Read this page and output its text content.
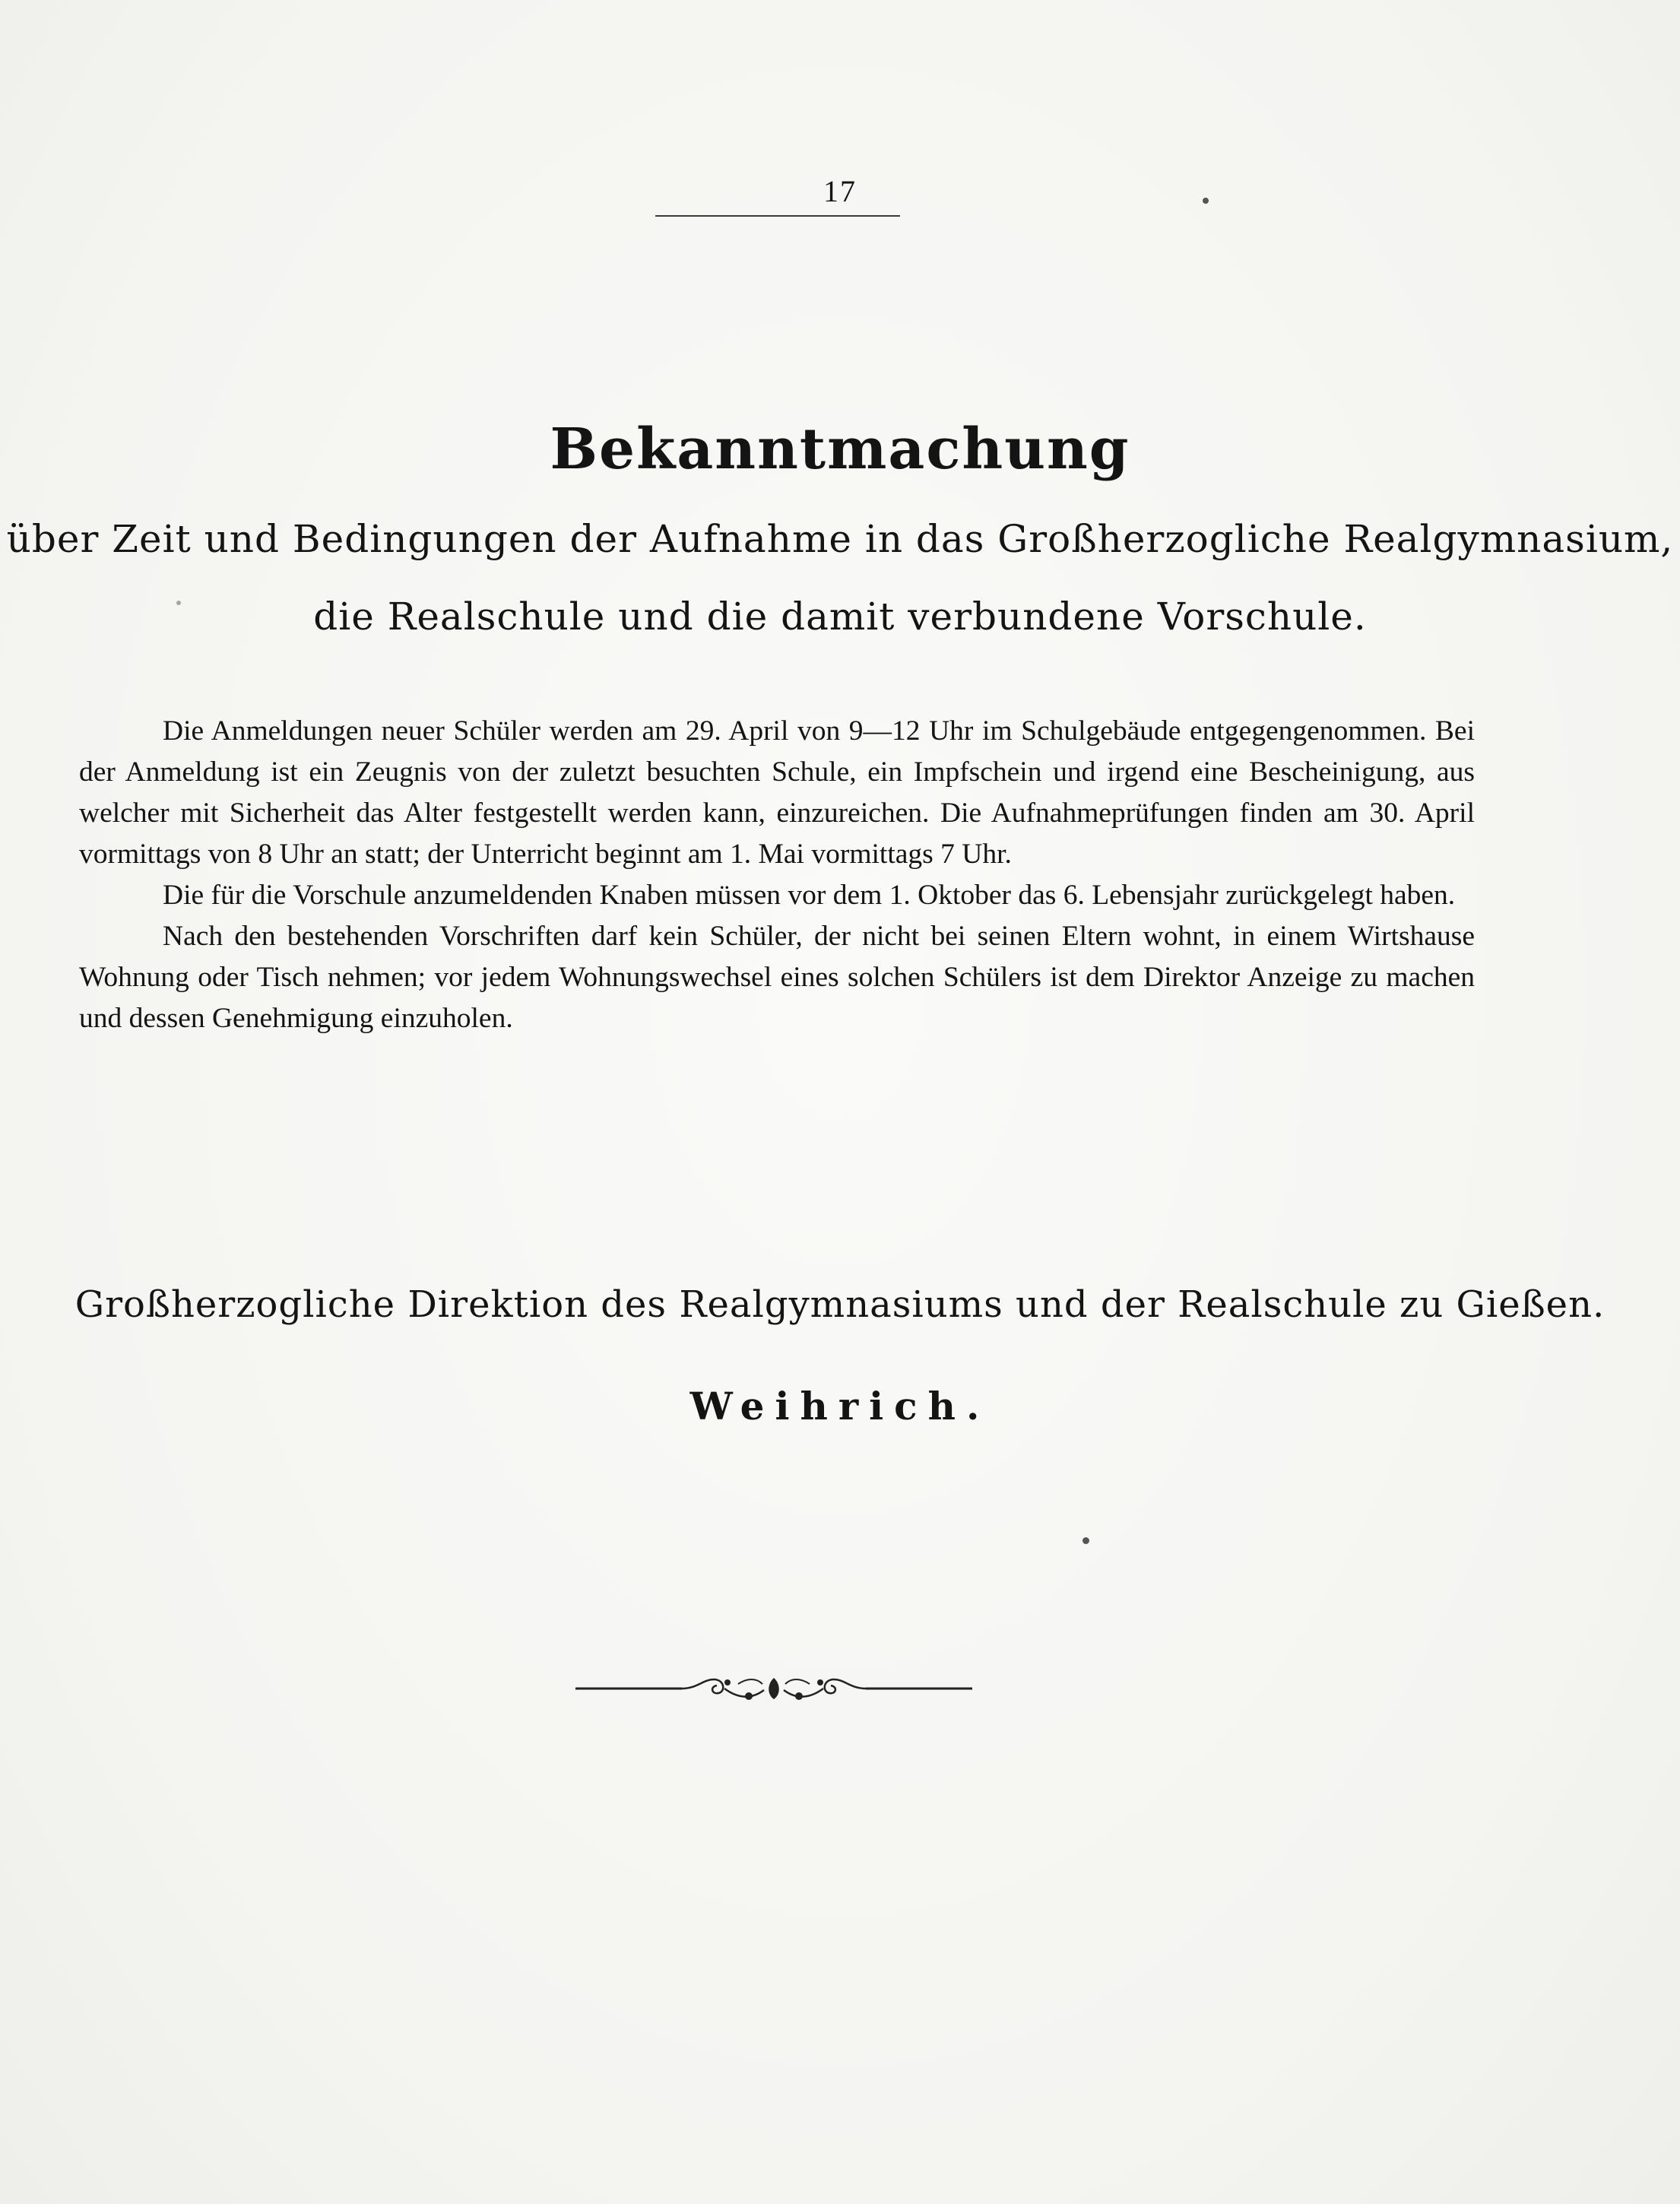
17
Bekanntmachung
über Zeit und Bedingungen der Aufnahme in das Großherzogliche Realgymnasium,
die Realschule und die damit verbundene Vorschule.

Die Anmeldungen neuer Schüler werden am 29. April von 9—12 Uhr im Schulgebäude entgegengenommen. Bei der Anmeldung ist ein Zeugnis von der zuletzt besuchten Schule, ein Impfschein und irgend eine Bescheinigung, aus welcher mit Sicherheit das Alter festgestellt werden kann, einzureichen. Die Aufnahmeprüfungen finden am 30. April vormittags von 8 Uhr an statt; der Unterricht beginnt am 1. Mai vormittags 7 Uhr.

Die für die Vorschule anzumeldenden Knaben müssen vor dem 1. Oktober das 6. Lebensjahr zurückgelegt haben.

Nach den bestehenden Vorschriften darf kein Schüler, der nicht bei seinen Eltern wohnt, in einem Wirtshause Wohnung oder Tisch nehmen; vor jedem Wohnungswechsel eines solchen Schülers ist dem Direktor Anzeige zu machen und dessen Genehmigung einzuholen.

Großherzogliche Direktion des Realgymnasiums und der Realschule zu Gießen.
Weihrich.
